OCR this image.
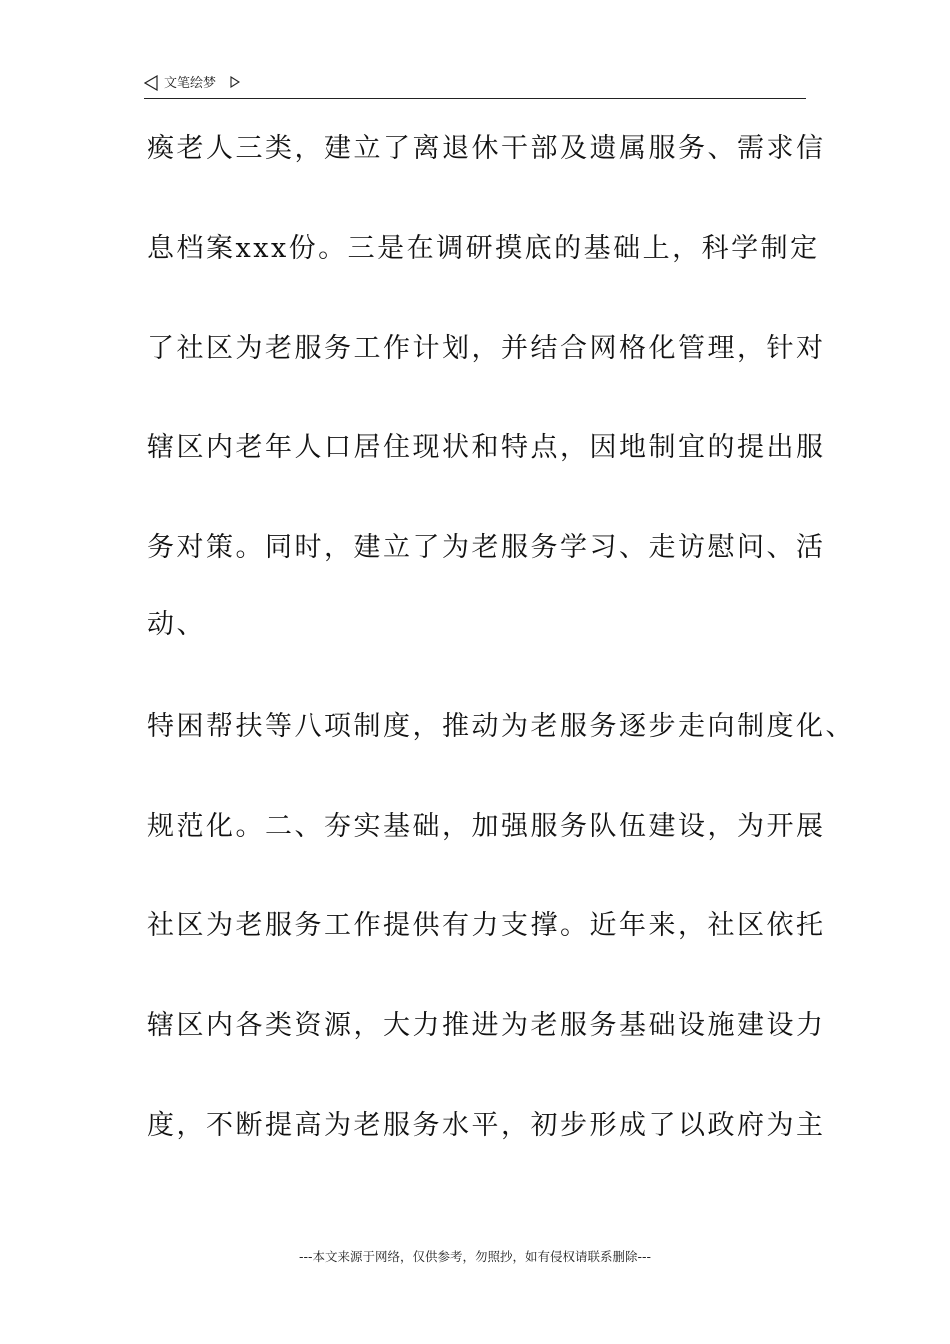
文笔绘梦
瘓老人三类，建立了离退休干部及遗属服务、需求信
息档案xxx份。三是在调研摸底的基础上，科学制定
了社区为老服务工作计划，并结合网格化管理，针对
辖区内老年人口居住现状和特点，因地制宜的提出服
务对策。同时，建立了为老服务学习、走访慰问、活
动、
特困帮扶等八项制度，推动为老服务逐步走向制度化、
规范化。二、夯实基础，加强服务队伍建设，为开展
社区为老服务工作提供有力支撑。近年来，社区依托
辖区内各类资源，大力推进为老服务基础设施建设力
度，不断提高为老服务水平，初步形成了以政府为主
---本文来源于网络，仅供参考，勿照抄，如有侵权请联系删除---
